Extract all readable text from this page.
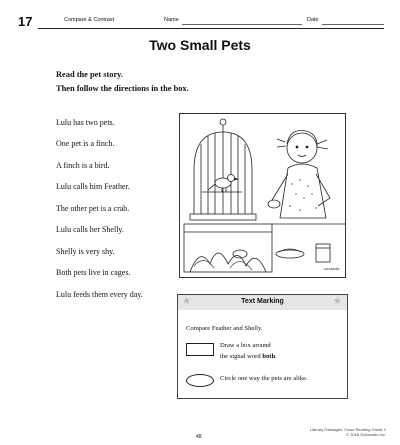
17	Compare & Contrast	Name	Date
Two Small Pets
Read the pet story.
Then follow the directions in the box.
Lulu has two pets.
One pet is a finch.
A finch is a bird.
Lulu calls him Feather.
The other pet is a crab.
Lulu calls her Shelly.
Shelly is very shy.
Both pets live in cages.
Lulu feeds them every day.
scholastic
★	Text Marking	★
Compare Feather and Shelly.
Draw a box around
the signal word both.
Circle one way the pets are alike.
48
Literary Passages: Close Reading Grade 1
© 2016 Scholastic Inc.
